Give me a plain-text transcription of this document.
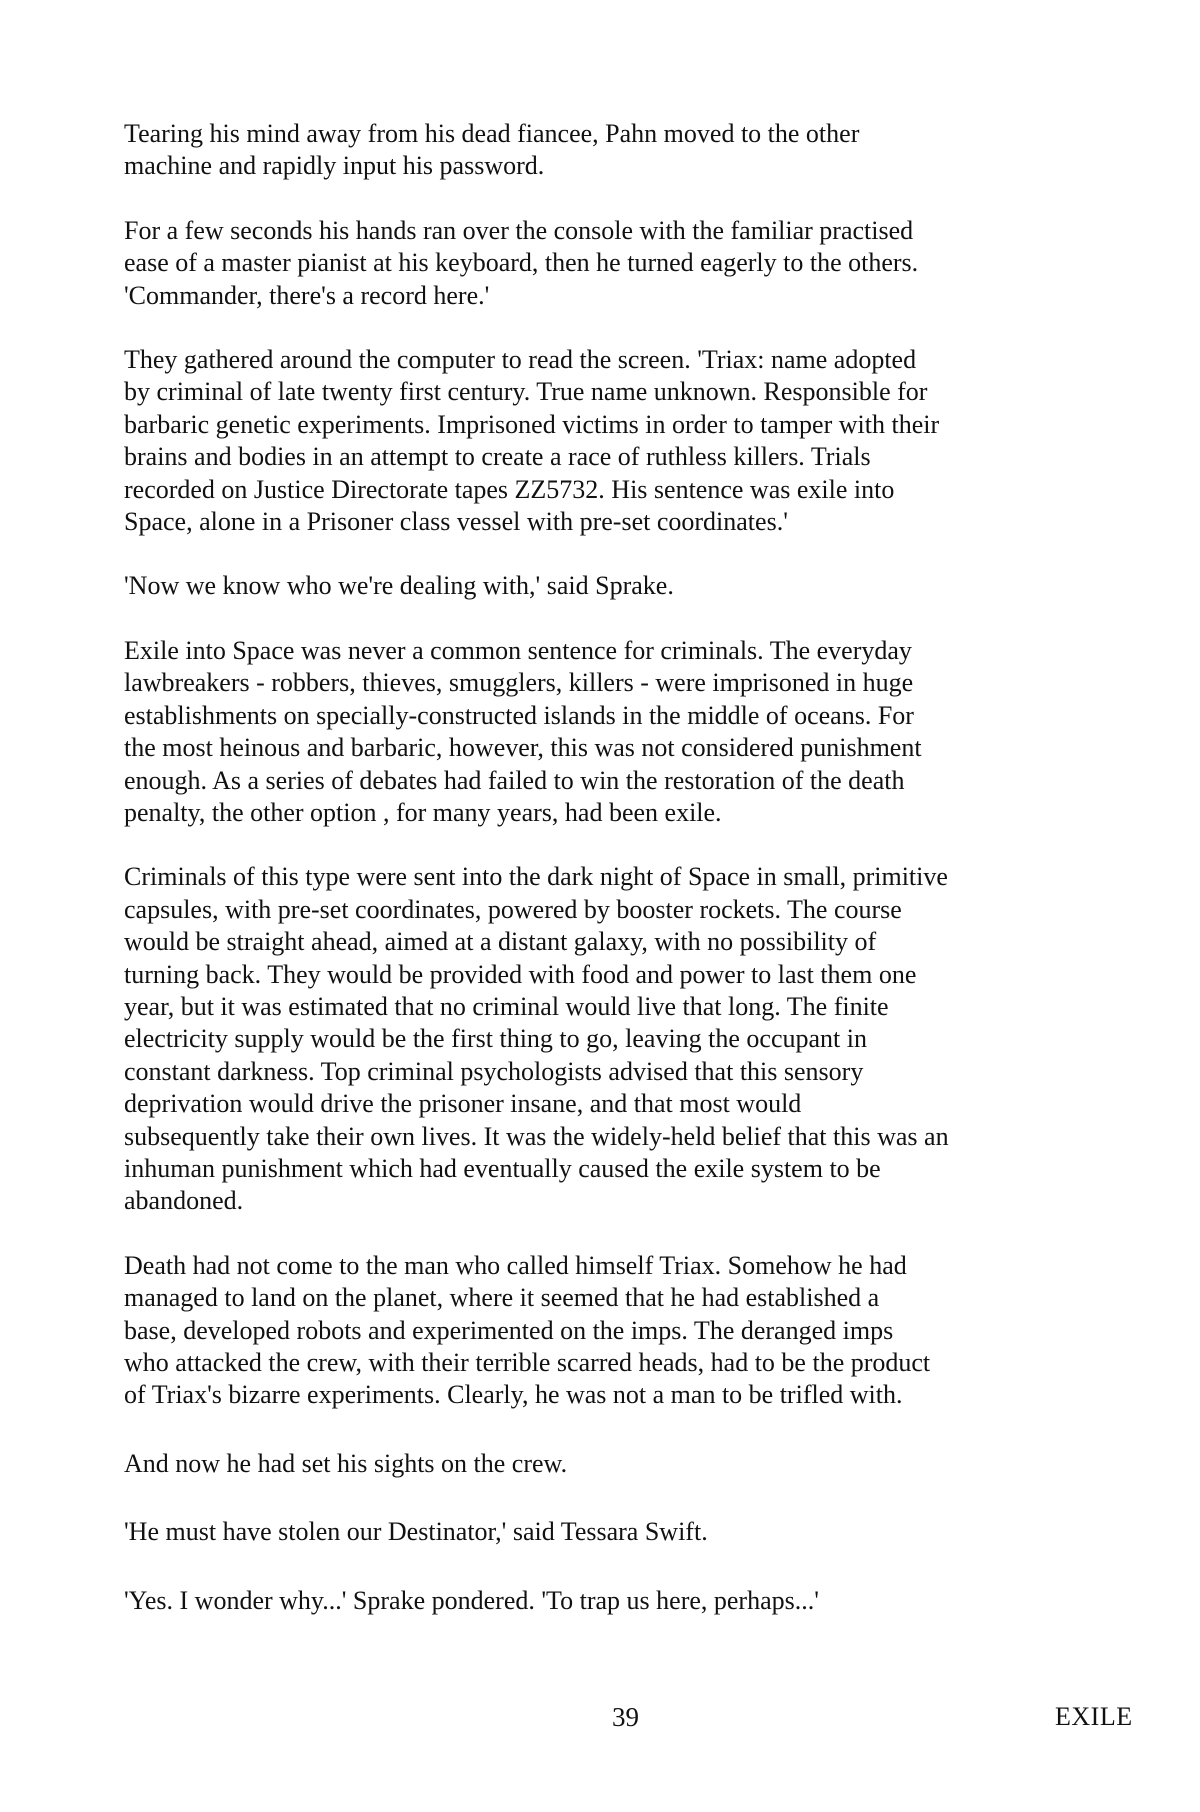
Tearing his mind away from his dead fiancee, Pahn moved to the other
machine and rapidly input his password.

For a few seconds his hands ran over the console with the familiar practised
ease of a master pianist at his keyboard, then he turned eagerly to the others.
'Commander, there's a record here.'

They gathered around the computer to read the screen. 'Triax: name adopted
by criminal of late twenty first century. True name unknown. Responsible for
barbaric genetic experiments. Imprisoned victims in order to tamper with their
brains and bodies in an attempt to create a race of ruthless killers. Trials
recorded on Justice Directorate tapes ZZ5732. His sentence was exile into
Space, alone in a Prisoner class vessel with pre-set coordinates.'

'Now we know who we're dealing with,' said Sprake.

Exile into Space was never a common sentence for criminals. The everyday
lawbreakers - robbers, thieves, smugglers, killers - were imprisoned in huge
establishments on specially-constructed islands in the middle of oceans. For
the most heinous and barbaric, however, this was not considered punishment
enough. As a series of debates had failed to win the restoration of the death
penalty, the other option , for many years, had been exile.

Criminals of this type were sent into the dark night of Space in small, primitive
capsules, with pre-set coordinates, powered by booster rockets. The course
would be straight ahead, aimed at a distant galaxy, with no possibility of
turning back. They would be provided with food and power to last them one
year, but it was estimated that no criminal would live that long. The finite
electricity supply would be the first thing to go, leaving the occupant in
constant darkness. Top criminal psychologists advised that this sensory
deprivation would drive the prisoner insane, and that most would
subsequently take their own lives. It was the widely-held belief that this was an
inhuman punishment which had eventually caused the exile system to be
abandoned.

Death had not come to the man who called himself Triax. Somehow he had
managed to land on the planet, where it seemed that he had established a
base, developed robots and experimented on the imps. The deranged imps
who attacked the crew, with their terrible scarred heads, had to be the product
of Triax's bizarre experiments. Clearly, he was not a man to be trifled with.

And now he had set his sights on the crew.

'He must have stolen our Destinator,' said Tessara Swift.

'Yes. I wonder why...' Sprake pondered. 'To trap us here, perhaps...'

39	EXILE
